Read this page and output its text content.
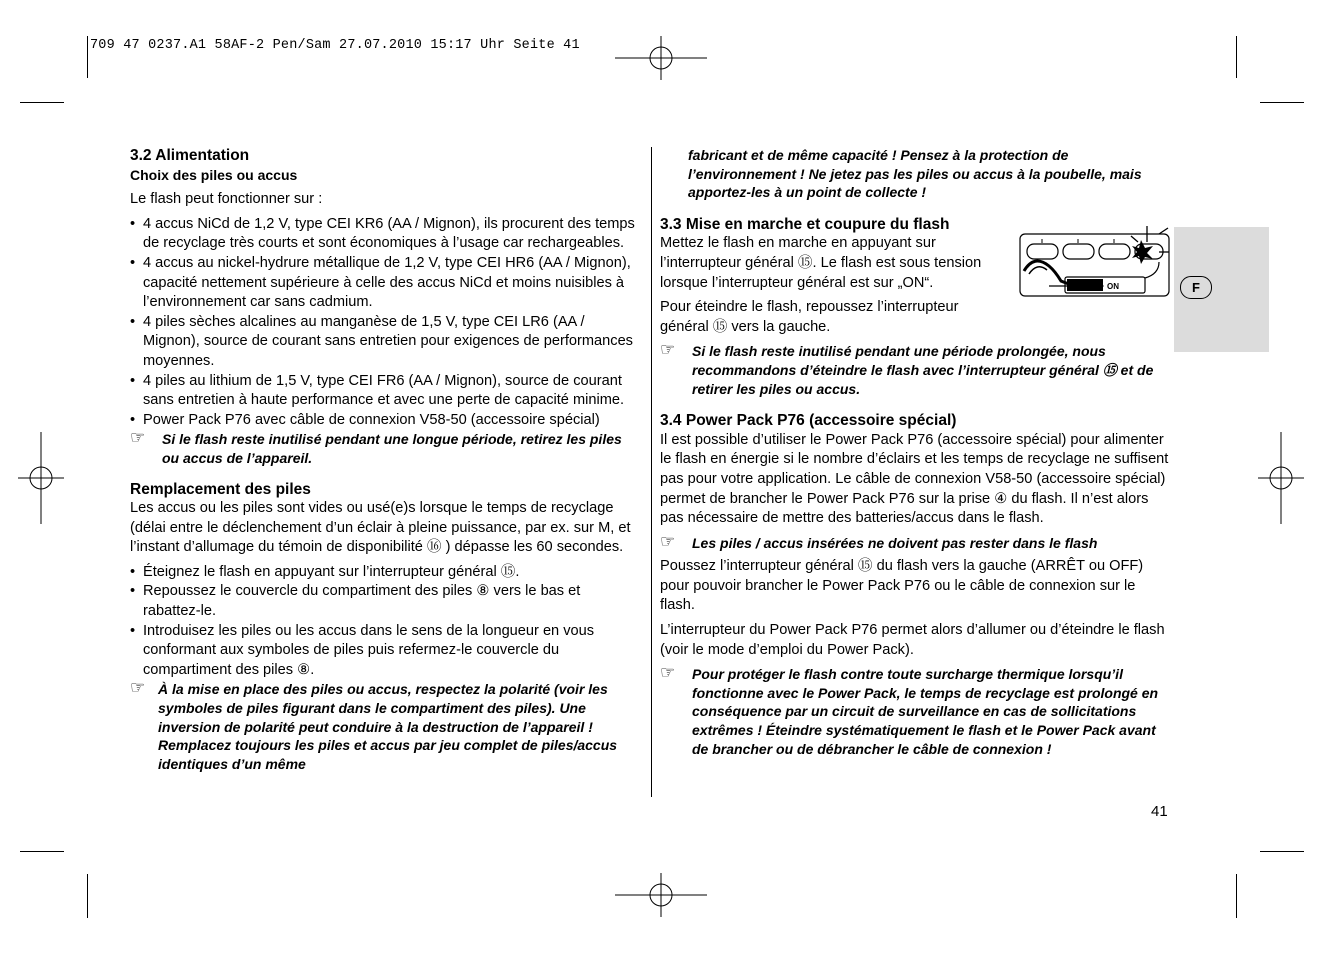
709 47 0237.A1 58AF-2 Pen/Sam 27.07.2010 15:17 Uhr Seite 41
F

3.2 Alimentation

Choix des piles ou accus

Le flash peut fonctionner sur :

• 4 accus NiCd de 1,2 V, type CEI KR6 (AA / Mignon), ils procurent des temps de recyclage très courts et sont économiques à l’usage car rechargeables.

• 4 accus au nickel-hydrure métallique de 1,2 V, type CEI HR6 (AA / Mignon), capacité nettement supérieure à celle des accus NiCd et moins nuisibles à l’environnement car sans cadmium.

• 4 piles sèches alcalines au manganèse de 1,5 V, type CEI LR6 (AA / Mignon), source de courant sans entretien pour exigences de performances moyennes.

• 4 piles au lithium de 1,5 V, type CEI FR6 (AA / Mignon), source de courant sans entretien à haute performance et avec une perte de capacité minime.

• Power Pack P76 avec câble de connexion V58-50 (accessoire spécial)

☞ Si le flash reste inutilisé pendant une longue période, retirez les piles ou accus de l’appareil.

Remplacement des piles

Les accus ou les piles sont vides ou usé(e)s lorsque le temps de recyclage (délai entre le déclenchement d’un éclair à pleine puissance, par ex. sur M, et l’instant d’allumage du témoin de disponibilité ⑯ ) dépasse les 60 secondes.

• Éteignez le flash en appuyant sur l’interrupteur général ⑮.

• Repoussez le couvercle du compartiment des piles ⑧ vers le bas et rabattez-le.

• Introduisez les piles ou les accus dans le sens de la longueur en vous conformant aux symboles de piles puis refermez-le couvercle du compartiment des piles ⑧.

☞ À la mise en place des piles ou accus, respectez la polarité (voir les symboles de piles figurant dans le compartiment des piles). Une inversion de polarité peut conduire à la destruction de l’appareil ! Remplacez toujours les piles et accus par jeu complet de piles/accus identiques d’un même
fabricant et de même capacité ! Pensez à la protection de l’environnement ! Ne jetez pas les piles ou accus à la poubelle, mais apportez-les à un point de collecte !

3.3 Mise en marche et coupure du flash

Mettez le flash en marche en appuyant sur l’interrupteur général ⑮. Le flash est sous tension lorsque l’interrupteur général est sur „ON“.

Pour éteindre le flash, repoussez l’interrupteur général ⑮ vers la gauche.

☞ Si le flash reste inutilisé pendant une période prolongée, nous recommandons d’éteindre le flash avec l’interrupteur général ⑮ et de retirer les piles ou accus.

3.4 Power Pack P76 (accessoire spécial)

Il est possible d’utiliser le Power Pack P76 (accessoire spécial) pour alimenter le flash en énergie si le nombre d’éclairs et les temps de recyclage ne suffisent pas pour votre application. Le câble de connexion V58-50 (accessoire spécial) permet de brancher le Power Pack P76 sur la prise ④ du flash. Il n’est alors pas nécessaire de mettre des batteries/accus dans le flash.

☞ Les piles / accus insérées ne doivent pas rester dans le flash

Poussez l’interrupteur général ⑮ du flash vers la gauche (ARRÊT ou OFF) pour pouvoir brancher le Power Pack P76 ou le câble de connexion sur le flash.

L’interrupteur du Power Pack P76 permet alors d’allumer ou d’éteindre le flash (voir le mode d’emploi du Power Pack).

☞ Pour protéger le flash contre toute surcharge thermique lorsqu’il fonctionne avec le Power Pack, le temps de recyclage est prolongé en conséquence par un circuit de surveillance en cas de sollicitations extrêmes ! Éteindre systématiquement le flash et le Power Pack avant de brancher ou de débrancher le câble de connexion !
ON
41
